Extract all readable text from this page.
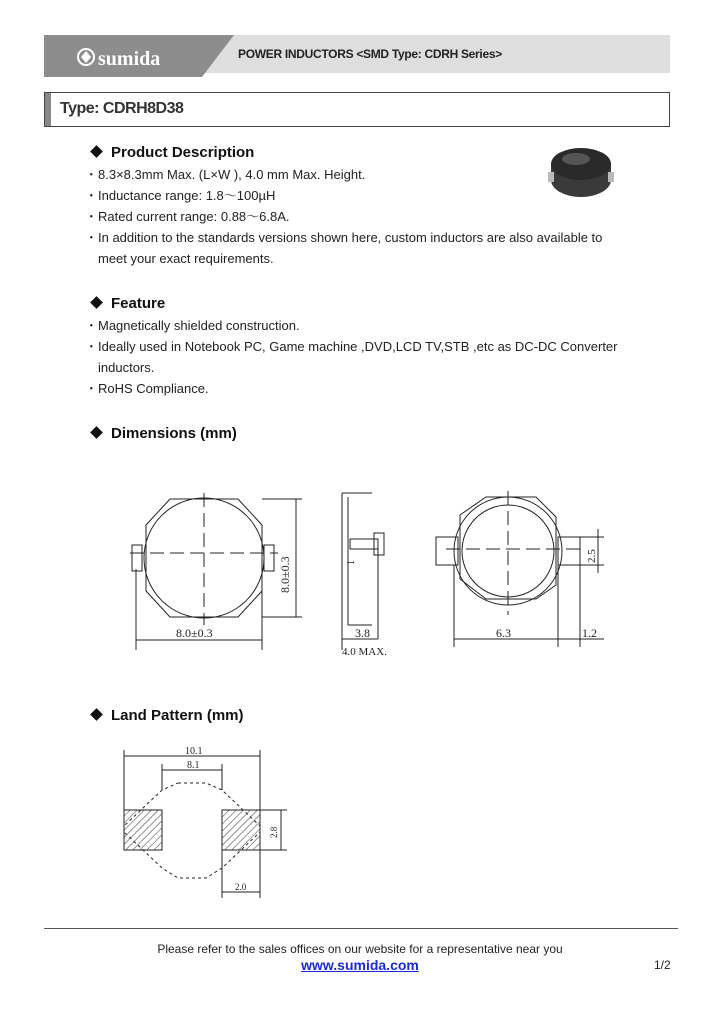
sumida	POWER INDUCTORS <SMD Type: CDRH Series>
Type: CDRH8D38
Product Description
･ 8.3×8.3mm Max. (L×W ), 4.0 mm Max. Height.
･ Inductance range: 1.8～100µH
･ Rated current range: 0.88～6.8A.
･ In addition to the standards versions shown here, custom inductors are also available to
meet your exact requirements.
Feature
･ Magnetically shielded construction.
･ Ideally used in Notebook PC, Game machine ,DVD,LCD TV,STB ,etc as DC-DC Converter
inductors.
･ RoHS Compliance.
Dimensions (mm)
8.0±0.3
8.0±0.3
3.8
4.0 MAX.
1
6.3	1.2
2.5
Land Pattern (mm)
10.1
8.1
2.8
2.0
Please refer to the sales offices on our website for a representative near you
www.sumida.com	1/2
